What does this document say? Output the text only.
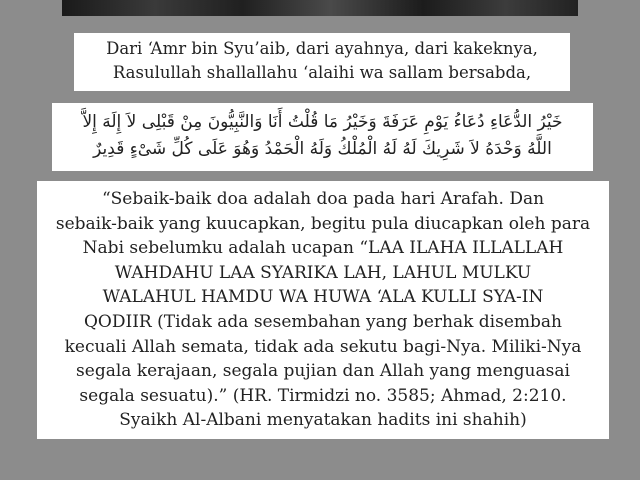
Dari ‘Amr bin Syu’aib, dari ayahnya, dari kakeknya,
Rasulullah shallallahu ‘alaihi wa sallam bersabda,
خَيْرُ الدُّعَاءِ دُعَاءُ يَوْمِ عَرَفَةَ وَخَيْرُ مَا قُلْتُ أَنَا وَالنَّبِيُّونَ مِنْ قَبْلِى لاَ إِلَهَ إِلاَّ
اللَّهُ وَحْدَهُ لاَ شَرِيكَ لَهُ لَهُ الْمُلْكُ وَلَهُ الْحَمْدُ وَهُوَ عَلَى كُلِّ شَىْءٍ قَدِيرٌ
“Sebaik-baik doa adalah doa pada hari Arafah. Dan
sebaik-baik yang kuucapkan, begitu pula diucapkan oleh para
Nabi sebelumku adalah ucapan “LAA ILAHA ILLALLAH
WAHDAHU LAA SYARIKA LAH, LAHUL MULKU
WALAHUL HAMDU WA HUWA ‘ALA KULLI SYA-IN
QODIIR (Tidak ada sesembahan yang berhak disembah
kecuali Allah semata, tidak ada sekutu bagi-Nya. Miliki-Nya
segala kerajaan, segala pujian dan Allah yang menguasai
segala sesuatu).” (HR. Tirmidzi no. 3585; Ahmad, 2:210.
Syaikh Al-Albani menyatakan hadits ini shahih)
